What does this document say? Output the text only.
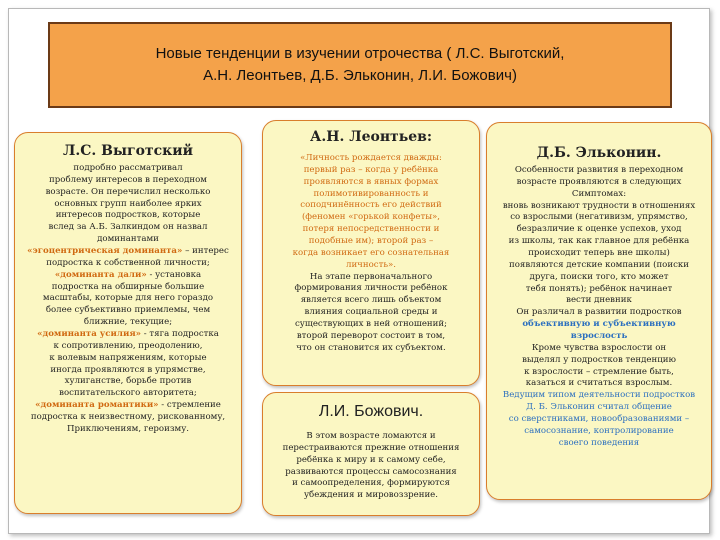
Новые тенденции в изучении отрочества ( Л.С. Выготский,
А.Н. Леонтьев, Д.Б. Эльконин, Л.И. Божович)
Л.С. Выготский
подробно рассматривал
проблему интересов в переходном
возрасте. Он перечислил несколько
основных групп наиболее ярких
интересов подростков, которые
вслед за А.Б. Залкиндом он назвал
доминантами
«эгоцентрическая доминанта» – интерес
подростка к собственной личности;
«доминанта дали» - установка
подростка на обширные большие
масштабы, которые для него гораздо
более субъективно приемлемы, чем
ближние, текущие;
«доминанта усилия» - тяга подростка
к сопротивлению, преодолению,
к волевым напряжениям, которые
иногда проявляются в упрямстве,
хулиганстве, борьбе против
воспитательского авторитета;
«доминанта романтики» - стремление
подростка к неизвестному, рискованному,
Приключениям, героизму.
А.Н. Леонтьев:
«Личность рождается дважды:
первый раз – когда у ребёнка
проявляются в явных формах
полимотивированность и
соподчинённость его действий
(феномен «горькой конфеты»,
потеря непосредственности и
подобные им); второй раз –
когда возникает его сознательная
личность».
На этапе первоначального
формирования личности ребёнок
является всего лишь объектом
влияния социальной среды и
существующих в ней отношений;
второй переворот состоит в том,
что он становится их субъектом.
Л.И. Божович.
В этом возрасте ломаются и
перестраиваются прежние отношения
ребёнка к миру и к самому себе,
развиваются процессы самосознания
и самоопределения, формируются
убеждения и мировоззрение.
Д.Б. Эльконин.
Особенности развития в переходном
возрасте проявляются в следующих
Симптомах:
вновь возникают трудности в отношениях
со взрослыми (негативизм, упрямство,
безразличие к оценке успехов, уход
из школы, так как главное для ребёнка
происходит теперь вне школы)
появляются детские компании (поиски
друга, поиски того, кто может
тебя понять); ребёнок начинает
вести дневник
Он различал в развитии подростков
объективную и субъективную взрослость
Кроме чувства взрослости он
выделял у подростков тенденцию
к взрослости – стремление быть,
казаться и считаться взрослым.
Ведущим типом деятельности подростков
Д. Б. Эльконин считал общение
со сверстниками, новообразованиями –
самосознание, контролирование
своего поведения
